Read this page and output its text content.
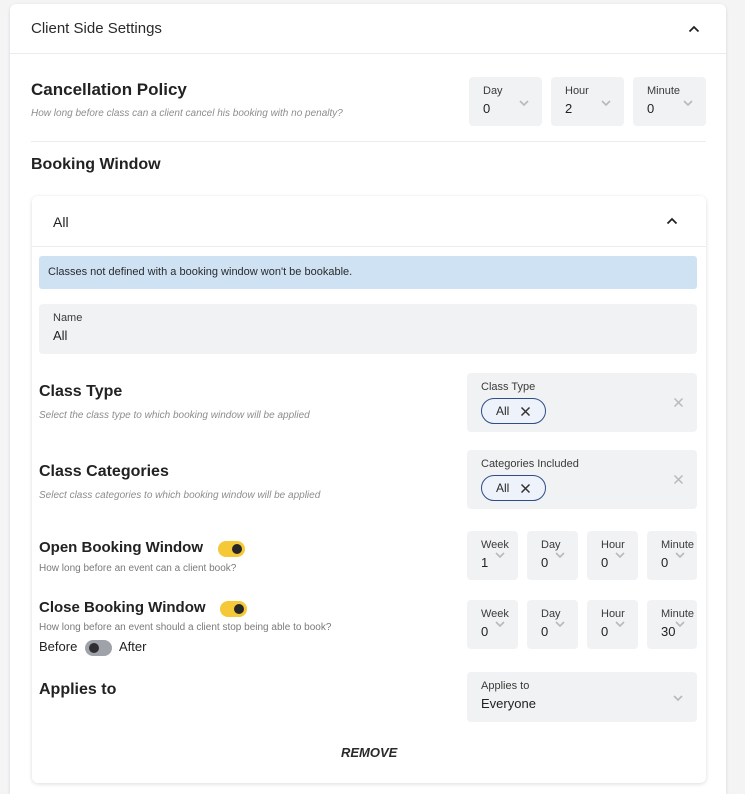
Client Side Settings
Cancellation Policy
How long before class can a client cancel his booking with no penalty?
Day
0
Hour
2
Minute
0
Booking Window
All
Classes not defined with a booking window won't be bookable.
Name
All
Class Type
Select the class type to which booking window will be applied
Class Type
All
Class Categories
Select class categories to which booking window will be applied
Categories Included
All
Open Booking Window
How long before an event can a client book?
Week
1
Day
0
Hour
0
Minute
0
Close Booking Window
How long before an event should a client stop being able to book?
Before	After
Week
0
Day
0
Hour
0
Minute
30
Applies to	Applies to
Everyone
REMOVE
